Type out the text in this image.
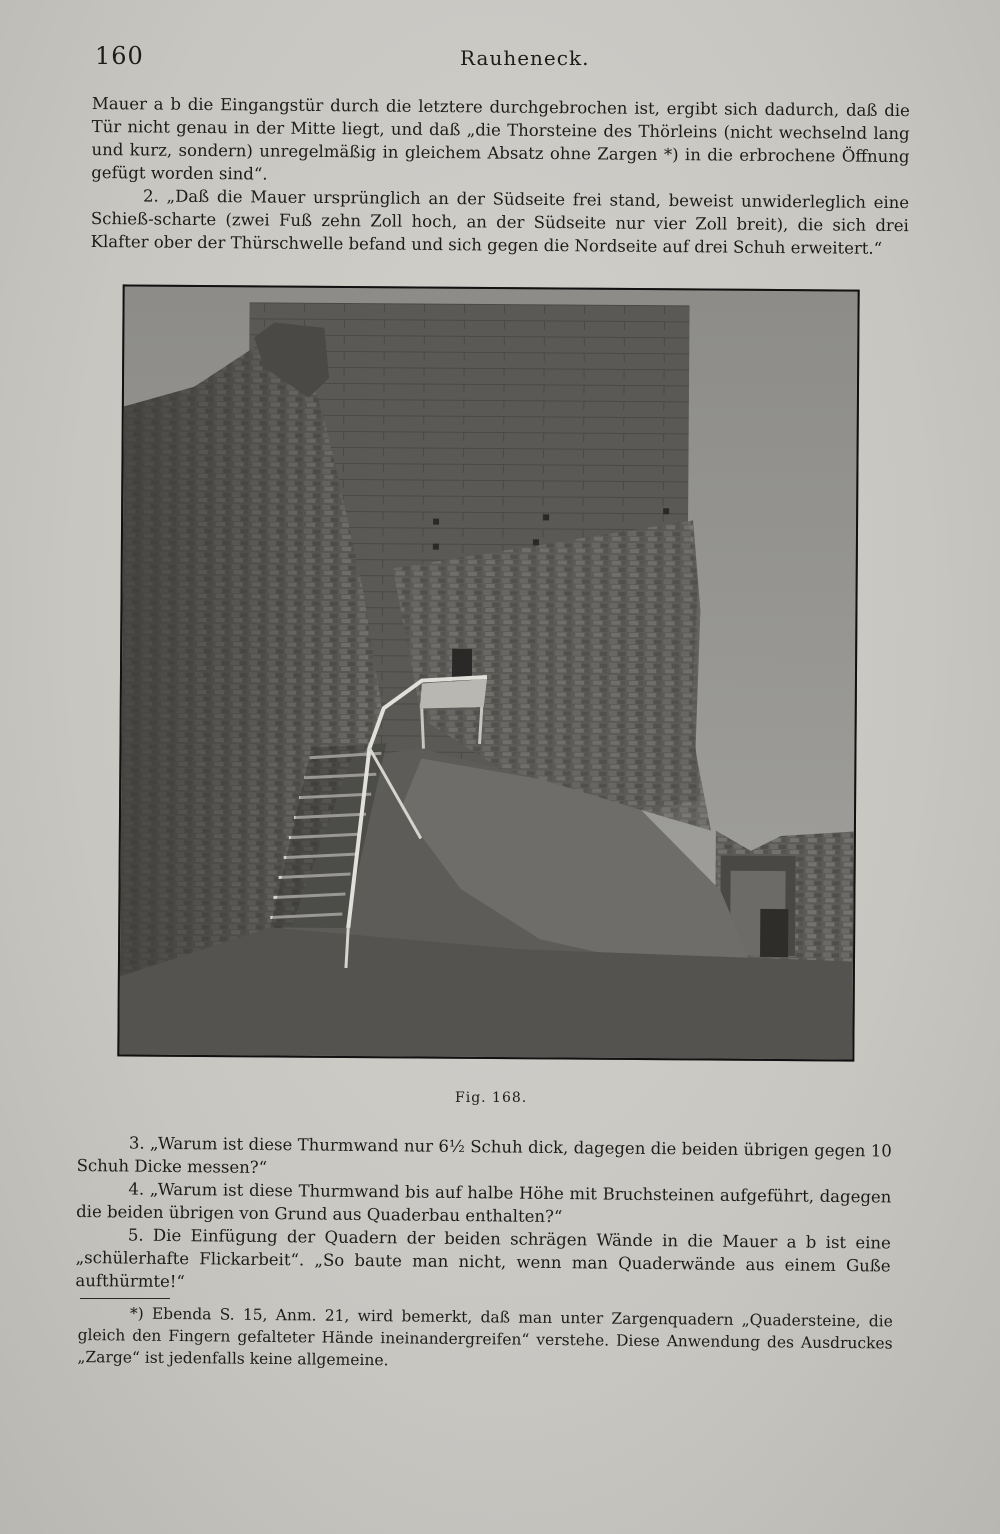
160	Rauheneck.

Mauer a b die Eingangstür durch die letztere durchgebrochen ist, ergibt sich dadurch, daß die Tür nicht genau in der Mitte liegt, und daß „die Thorsteine des Thörleins (nicht wechselnd lang und kurz, sondern) unregelmäßig in gleichem Absatz ohne Zargen *) in die erbrochene Öffnung gefügt worden sind“.

2. „Daß die Mauer ursprünglich an der Südseite frei stand, beweist unwiderleglich eine Schieß-scharte (zwei Fuß zehn Zoll hoch, an der Südseite nur vier Zoll breit), die sich drei Klafter ober der Thürschwelle befand und sich gegen die Nordseite auf drei Schuh erweitert.“

Fig. 168.

3. „Warum ist diese Thurmwand nur 6½ Schuh dick, dagegen die beiden übrigen gegen 10 Schuh Dicke messen?“

4. „Warum ist diese Thurmwand bis auf halbe Höhe mit Bruchsteinen aufgeführt, dagegen die beiden übrigen von Grund aus Quaderbau enthalten?“

5. Die Einfügung der Quadern der beiden schrägen Wände in die Mauer a b ist eine „schülerhafte Flickarbeit“. „So baute man nicht, wenn man Quaderwände aus einem Guße aufthürmte!“

*) Ebenda S. 15, Anm. 21, wird bemerkt, daß man unter Zargenquadern „Quadersteine, die gleich den Fingern gefalteter Hände ineinandergreifen“ verstehe. Diese Anwendung des Ausdruckes „Zarge“ ist jedenfalls keine allgemeine.
